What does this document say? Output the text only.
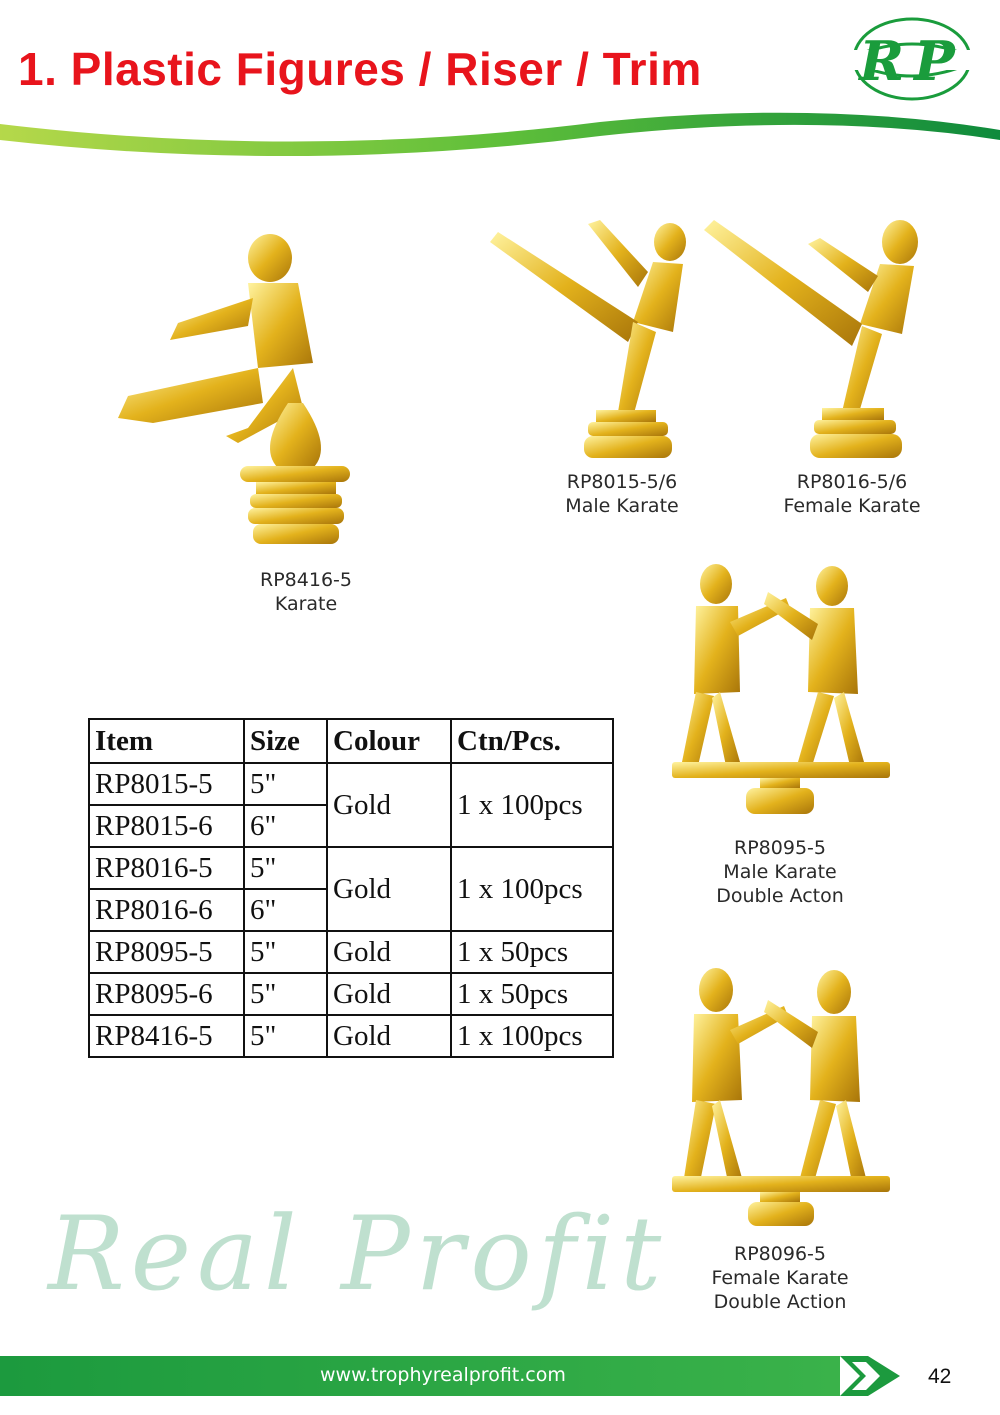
1. Plastic Figures / Riser / Trim	RP
RP8416-5
Karate
RP8015-5/6
Male Karate
RP8016-5/6
Female Karate
RP8095-5
Male Karate
Double Acton
RP8096-5
Female Karate
Double Action
Item	Size	Colour	Ctn/Pcs.
RP8015-5	5"	Gold	1 x 100pcs
RP8015-6	6"		
RP8016-5	5"	Gold	1 x 100pcs
RP8016-6	6"		
RP8095-5	5"	Gold	1 x 50pcs
RP8095-6	5"	Gold	1 x 50pcs
RP8416-5	5"	Gold	1 x 100pcs
Real Profit
www.trophyrealprofit.com	42
